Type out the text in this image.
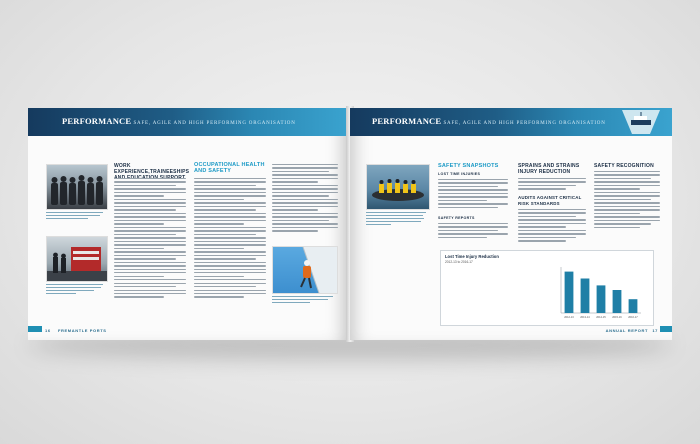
PERFORMANCE SAFE, AGILE AND HIGH PERFORMING ORGANISATION
WORK EXPERIENCE,TRAINEESHIPS
OCCUPATIONAL HEALTH AND SAFETY
16 FREMANTLE PORTS
PERFORMANCE SAFE, AGILE AND HIGH PERFORMING ORGANISATION
SAFETY SNAPSHOTS
LOST TIME INJURIES
SAFETY REPORTS
SPRAINS AND STRAINS INJURY REDUCTION
AUDITS AGAINST CRITICAL RISK STANDARDS
SAFETY RECOGNITION
Lost Time Injury Reduction
2012-13 to 2016-17
2012-13 2013-14 2014-15 2015-16 2016-17
ANNUAL REPORT 17
